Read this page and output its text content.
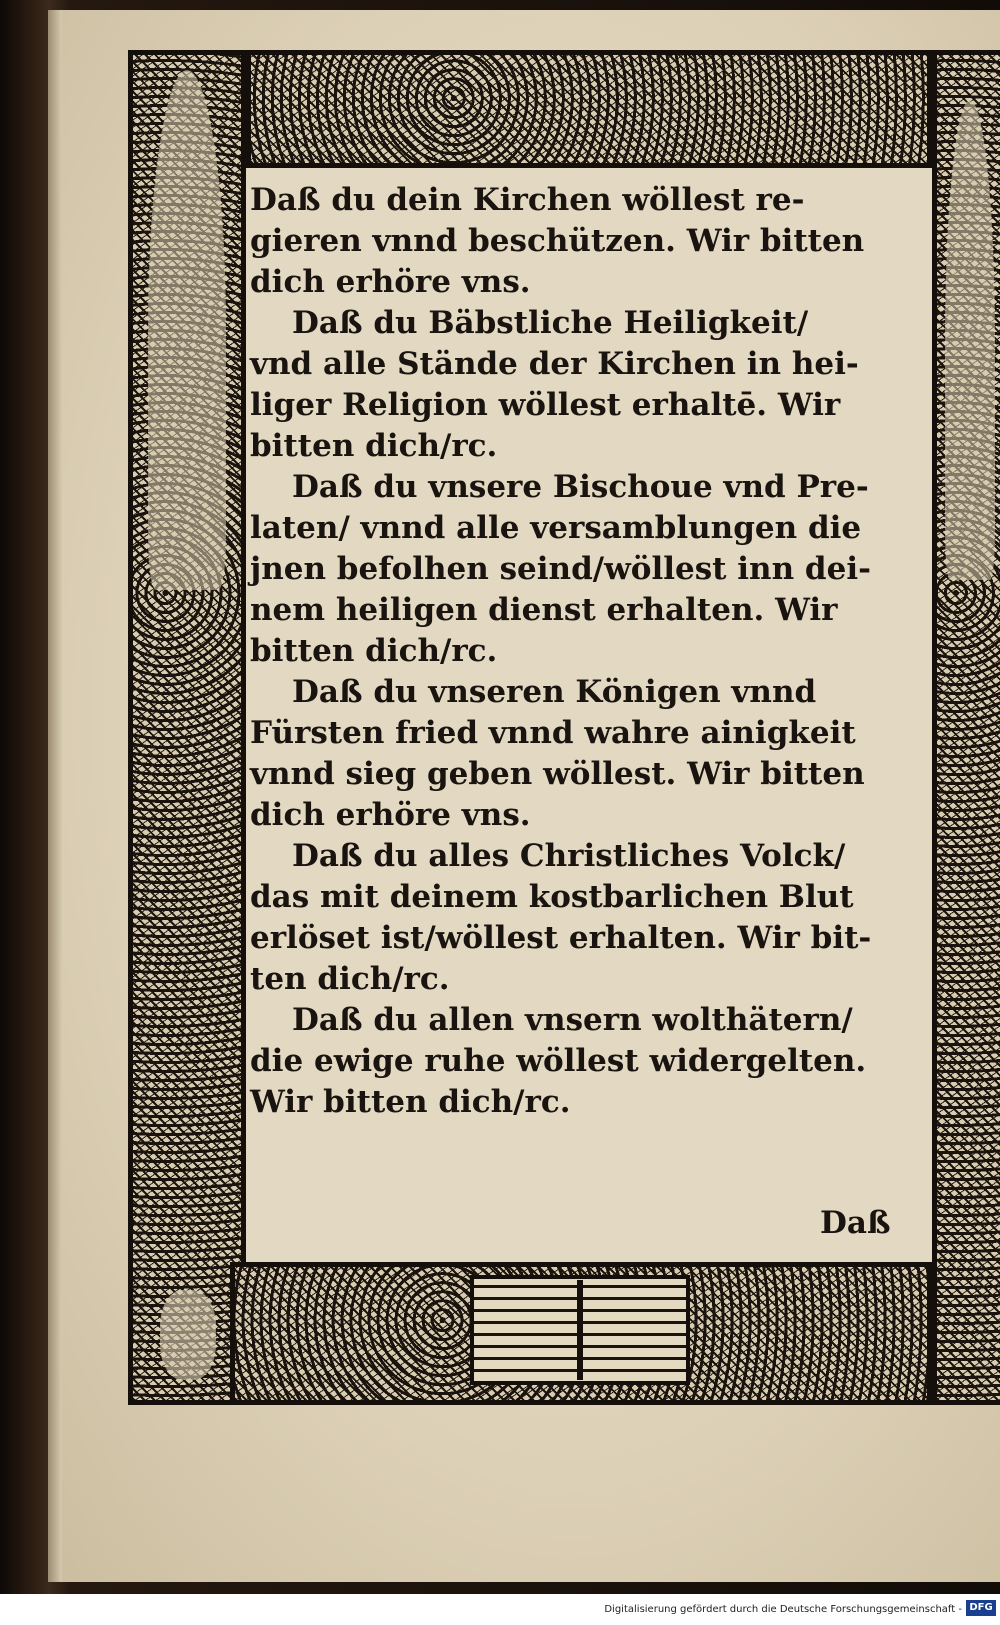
Daß du dein Kirchen wöllest re-
gieren vnnd beschützen. Wir bitten
dich erhöre vns.
Daß du Bäbstliche Heiligkeit/
vnd alle Stände der Kirchen in hei-
liger Religion wöllest erhaltē. Wir
bitten dich/rc.
Daß du vnsere Bischoue vnd Pre-
laten/ vnnd alle versamblungen die
jnen befolhen seind/wöllest inn dei-
nem heiligen dienst erhalten. Wir
bitten dich/rc.
Daß du vnseren Königen vnnd
Fürsten fried vnnd wahre ainigkeit
vnnd sieg geben wöllest. Wir bitten
dich erhöre vns.
Daß du alles Christliches Volck/
das mit deinem kostbarlichen Blut
erlöset ist/wöllest erhalten. Wir bit-
ten dich/rc.
Daß du allen vnsern wolthätern/
die ewige ruhe wöllest widergelten.
Wir bitten dich/rc.
Daß
Digitalisierung gefördert durch die Deutsche Forschungsgemeinschaft - DFG
